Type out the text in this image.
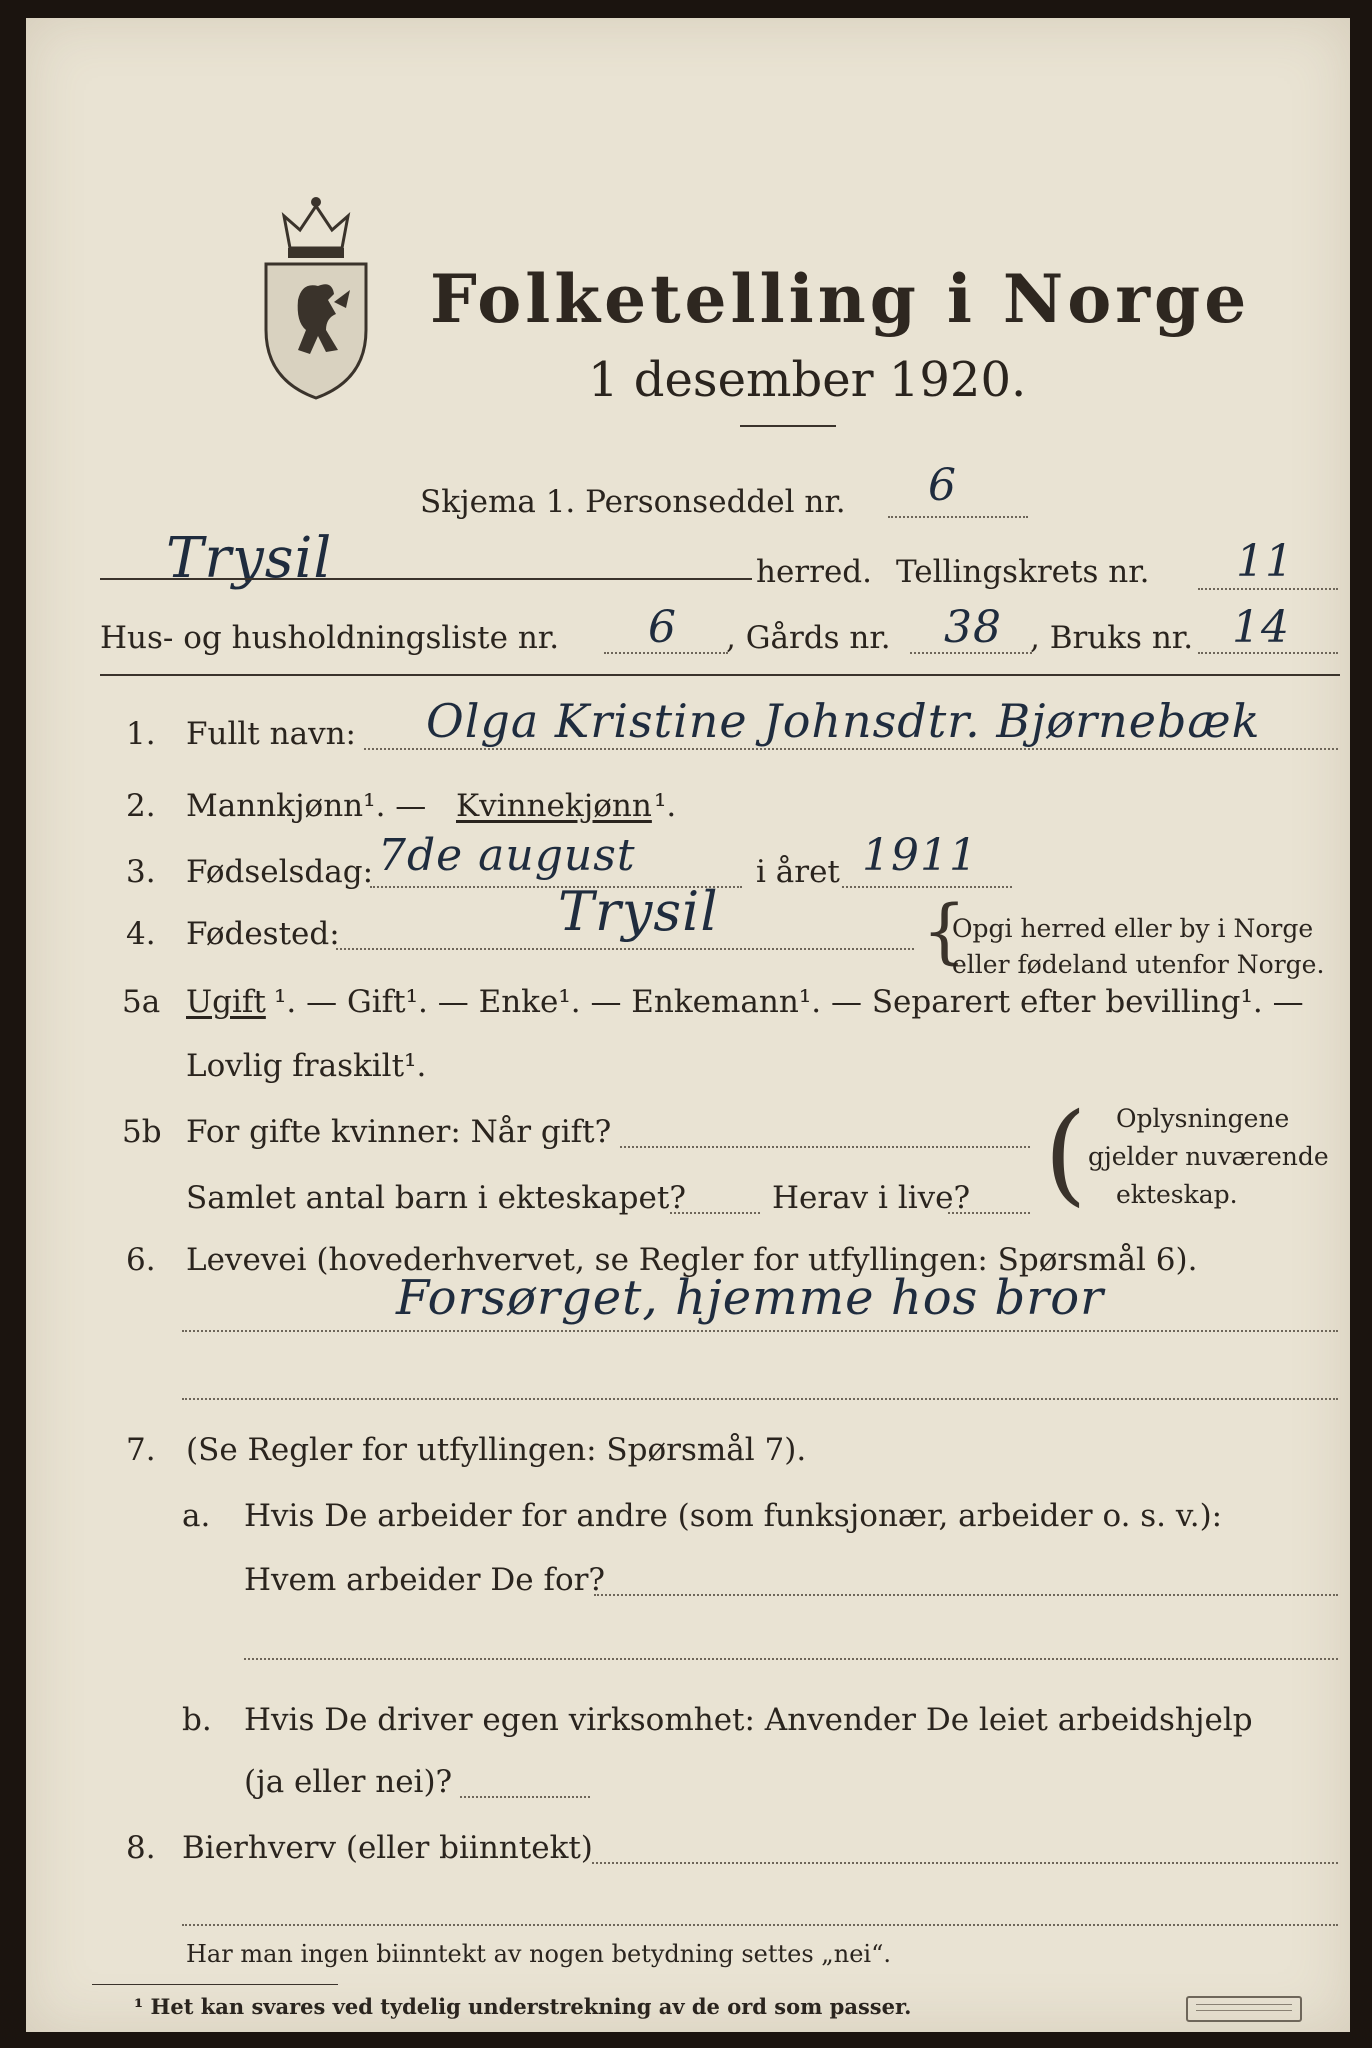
Folketelling i Norge
1 desember 1920.
Skjema 1. Personseddel nr. 6
Trysil	herred. Tellingskrets nr. 11
Hus- og husholdningsliste nr. 6 , Gårds nr. 38 , Bruks nr. 14
1. Fullt navn: Olga Kristine Johnsdtr. Bjørnebæk
2. Mannkjønn¹. — Kvinnekjønn ¹.
3. Fødselsdag: 7de august	i året 1911
4. Fødested:	Trysil	{
Opgi herred eller by i Norge
eller fødeland utenfor Norge.
5a Ugift ¹. — Gift¹. — Enke¹. — Enkemann¹. — Separert efter bevilling¹. —
Lovlig fraskilt¹.
5b For gifte kvinner: Når gift?
Samlet antal barn i ekteskapet?	Herav i live? ( Oplysningene
gjelder nuværende
ekteskap.
6. Levevei (hovederhvervet, se Regler for utfyllingen: Spørsmål 6).
Forsørget, hjemme hos bror
7. (Se Regler for utfyllingen: Spørsmål 7).
a. Hvis De arbeider for andre (som funksjonær, arbeider o. s. v.):
Hvem arbeider De for?
b. Hvis De driver egen virksomhet: Anvender De leiet arbeidshjelp
(ja eller nei)?
8. Bierhverv (eller biinntekt)
Har man ingen biinntekt av nogen betydning settes „nei“.
¹ Het kan svares ved tydelig understrekning av de ord som passer.
